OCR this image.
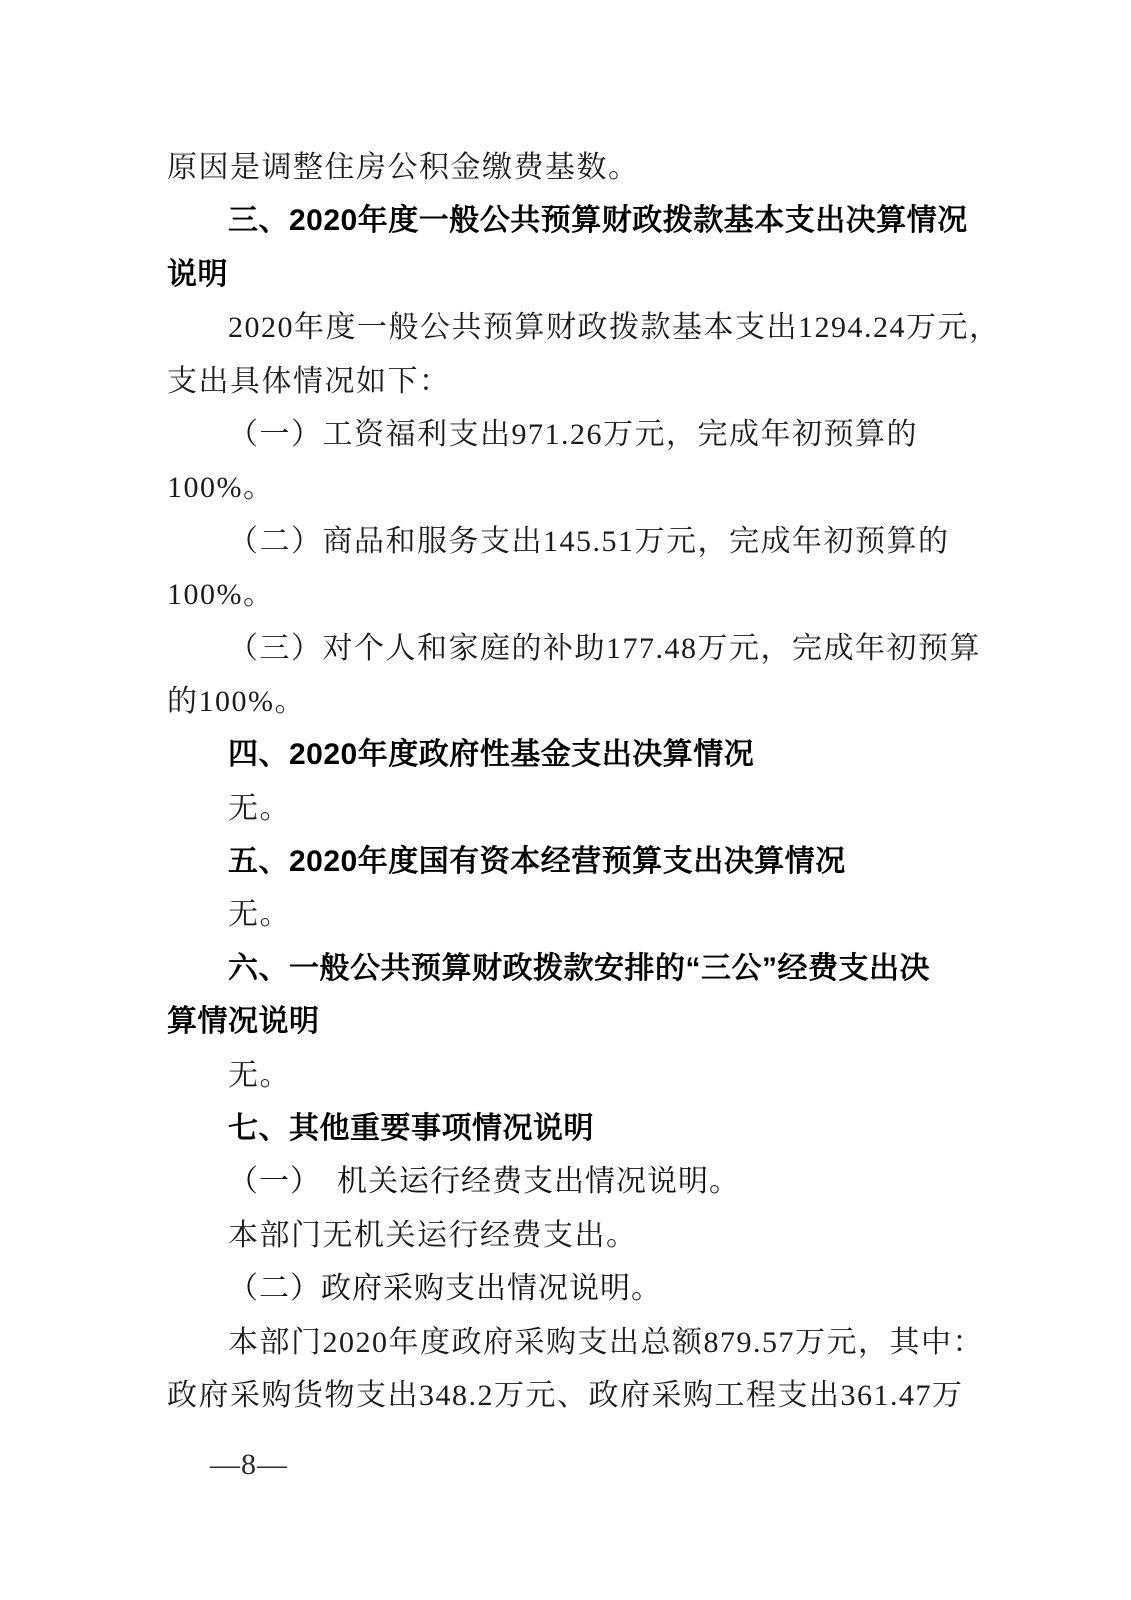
原因是调整住房公积金缴费基数。
三、2020年度一般公共预算财政拨款基本支出决算情况
说明
2020年度一般公共预算财政拨款基本支出1294.24万元，
支出具体情况如下：
（一）工资福利支出971.26万元，完成年初预算的
100%。
（二）商品和服务支出145.51万元，完成年初预算的
100%。
（三）对个人和家庭的补助177.48万元，完成年初预算
的100%。
四、2020年度政府性基金支出决算情况
无。
五、2020年度国有资本经营预算支出决算情况
无。
六、一般公共预算财政拨款安排的“三公”经费支出决
算情况说明
无。
七、其他重要事项情况说明
（一）　机关运行经费支出情况说明。
本部门无机关运行经费支出。
（二）政府采购支出情况说明。
本部门2020年度政府采购支出总额879.57万元，其中：
政府采购货物支出348.2万元、政府采购工程支出361.47万
—8—
